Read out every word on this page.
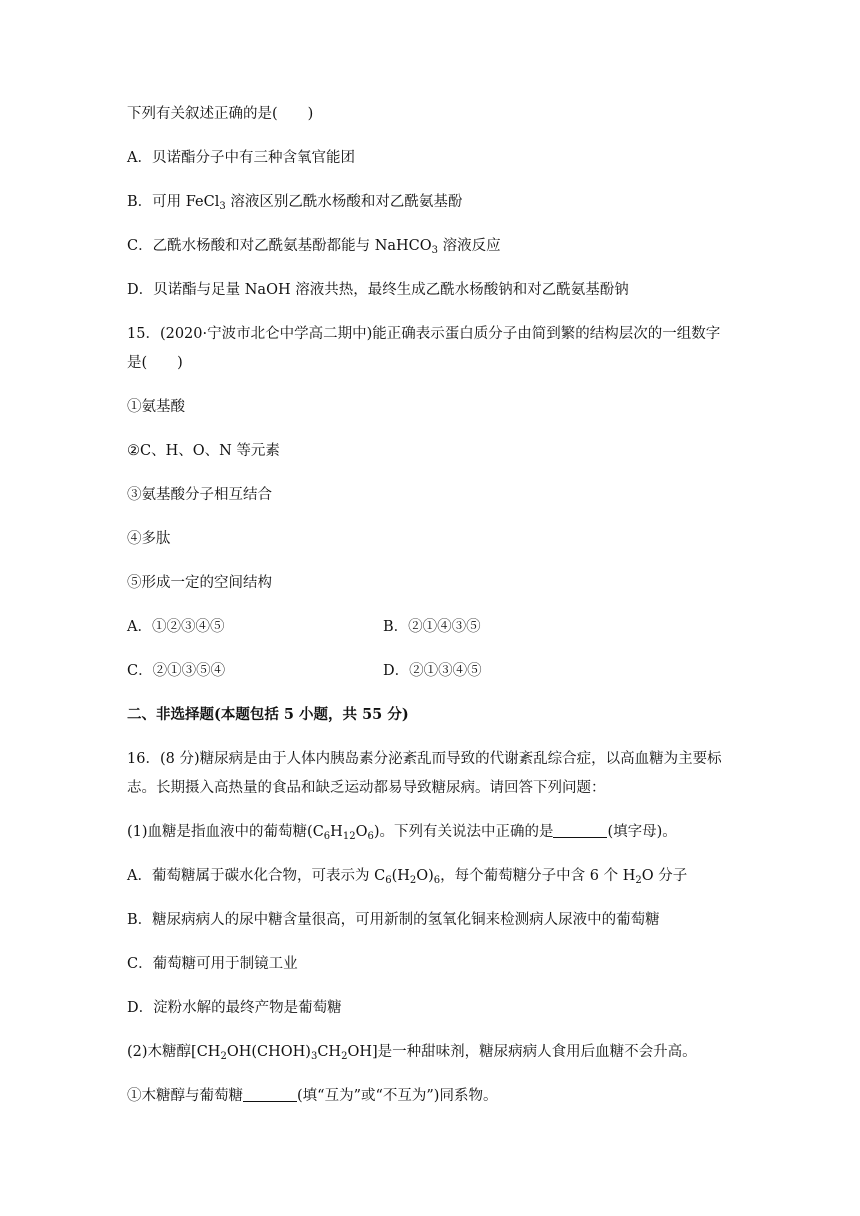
下列有关叙述正确的是( )
A．贝诺酯分子中有三种含氧官能团
B．可用 FeCl$_3$ 溶液区别乙酰水杨酸和对乙酰氨基酚
C．乙酰水杨酸和对乙酰氨基酚都能与 NaHCO$_3$ 溶液反应
D．贝诺酯与足量 NaOH 溶液共热，最终生成乙酰水杨酸钠和对乙酰氨基酚钠
15．(2020·宁波市北仑中学高二期中)能正确表示蛋白质分子由简到繁的结构层次的一组数字
是( )
①氨基酸
②C、H、O、N 等元素
③氨基酸分子相互结合
④多肽
⑤形成一定的空间结构
A．①②③④⑤	B．②①④③⑤
C．②①③⑤④	D．②①③④⑤
二、非选择题(本题包括 5 小题，共 55 分)
16．(8 分)糖尿病是由于人体内胰岛素分泌紊乱而导致的代谢紊乱综合症，以高血糖为主要标
志。长期摄入高热量的食品和缺乏运动都易导致糖尿病。请回答下列问题：
(1)血糖是指血液中的葡萄糖$(C_6H_{12}O_6)$。下列有关说法中正确的是	(填字母)。
A．葡萄糖属于碳水化合物，可表示为 $C_6(H_2O)_6$，每个葡萄糖分子中含 6 个 $H_2O$ 分子
B．糖尿病病人的尿中糖含量很高，可用新制的氢氧化铜来检测病人尿液中的葡萄糖
C．葡萄糖可用于制镜工业
D．淀粉水解的最终产物是葡萄糖
(2)木糖醇$[CH_2OH(CHOH)_3CH_2OH]$是一种甜味剂，糖尿病病人食用后血糖不会升高。
①木糖醇与葡萄糖	(填“互为”或“不互为”)同系物。
